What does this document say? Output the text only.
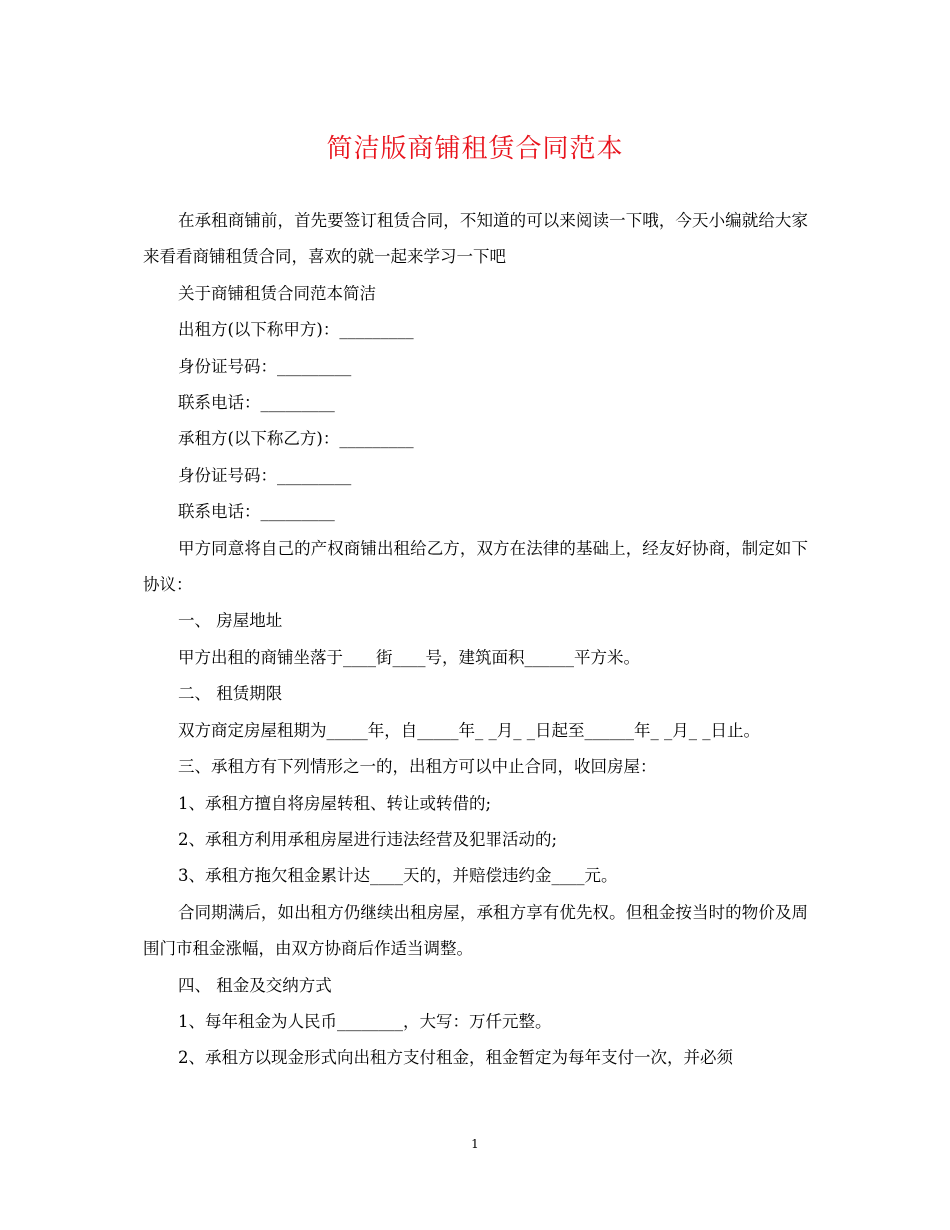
简洁版商铺租赁合同范本

在承租商铺前，首先要签订租赁合同，不知道的可以来阅读一下哦，今天小编就给大家来看看商铺租赁合同，喜欢的就一起来学习一下吧

关于商铺租赁合同范本简洁

出租方(以下称甲方)：_________

身份证号码：_________

联系电话：_________

承租方(以下称乙方)：_________

身份证号码：_________

联系电话：_________

甲方同意将自己的产权商铺出租给乙方，双方在法律的基础上，经友好协商，制定如下协议：

一、 房屋地址

甲方出租的商铺坐落于____街____号，建筑面积______平方米。

二、 租赁期限

双方商定房屋租期为_____年，自_____年_ _月_ _日起至______年_ _月_ _日止。

三、承租方有下列情形之一的，出租方可以中止合同，收回房屋：

1、承租方擅自将房屋转租、转让或转借的;

2、承租方利用承租房屋进行违法经营及犯罪活动的;

3、承租方拖欠租金累计达____天的，并赔偿违约金____元。

合同期满后，如出租方仍继续出租房屋，承租方享有优先权。但租金按当时的物价及周围门市租金涨幅，由双方协商后作适当调整。

四、 租金及交纳方式

1、每年租金为人民币________，大写：万仟元整。

2、承租方以现金形式向出租方支付租金，租金暂定为每年支付一次，并必须

1
